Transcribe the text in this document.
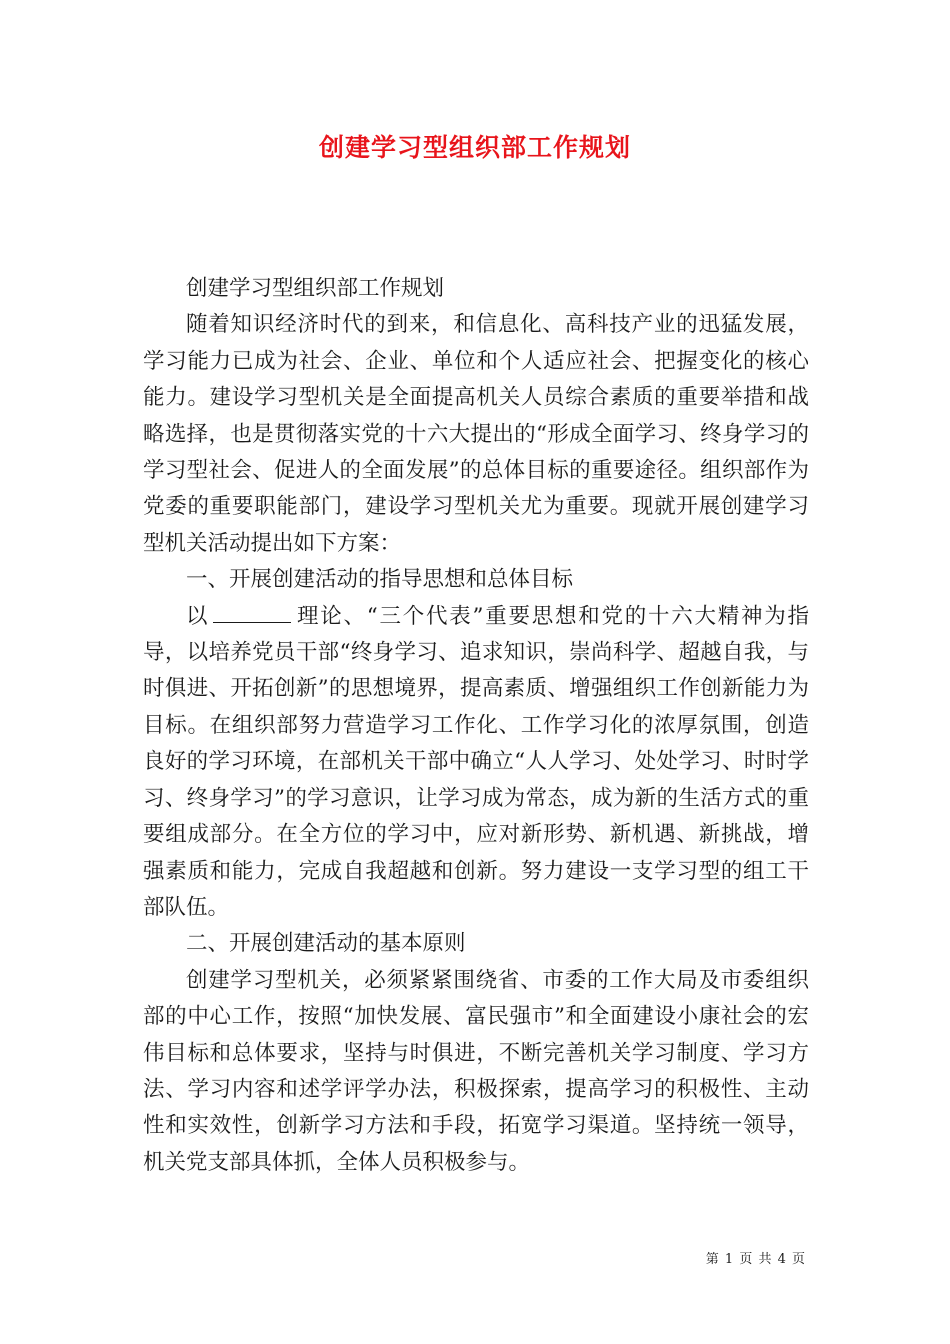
创建学习型组织部工作规划

创建学习型组织部工作规划

随着知识经济时代的到来，和信息化、高科技产业的迅猛发展，学习能力已成为社会、企业、单位和个人适应社会、把握变化的核心能力。建设学习型机关是全面提高机关人员综合素质的重要举措和战略选择，也是贯彻落实党的十六大提出的“形成全面学习、终身学习的学习型社会、促进人的全面发展”的总体目标的重要途径。组织部作为党委的重要职能部门，建设学习型机关尤为重要。现就开展创建学习型机关活动提出如下方案：

一、开展创建活动的指导思想和总体目标

以	理论、“三个代表”重要思想和党的十六大精神为指导，以培养党员干部“终身学习、追求知识，崇尚科学、超越自我，与时俱进、开拓创新”的思想境界，提高素质、增强组织工作创新能力为目标。在组织部努力营造学习工作化、工作学习化的浓厚氛围，创造良好的学习环境，在部机关干部中确立“人人学习、处处学习、时时学习、终身学习”的学习意识，让学习成为常态，成为新的生活方式的重要组成部分。在全方位的学习中，应对新形势、新机遇、新挑战，增强素质和能力，完成自我超越和创新。努力建设一支学习型的组工干部队伍。

二、开展创建活动的基本原则

创建学习型机关，必须紧紧围绕省、市委的工作大局及市委组织部的中心工作，按照“加快发展、富民强市”和全面建设小康社会的宏伟目标和总体要求，坚持与时俱进，不断完善机关学习制度、学习方法、学习内容和述学评学办法，积极探索，提高学习的积极性、主动性和实效性，创新学习方法和手段，拓宽学习渠道。坚持统一领导，机关党支部具体抓，全体人员积极参与。

第 1 页 共 4 页
